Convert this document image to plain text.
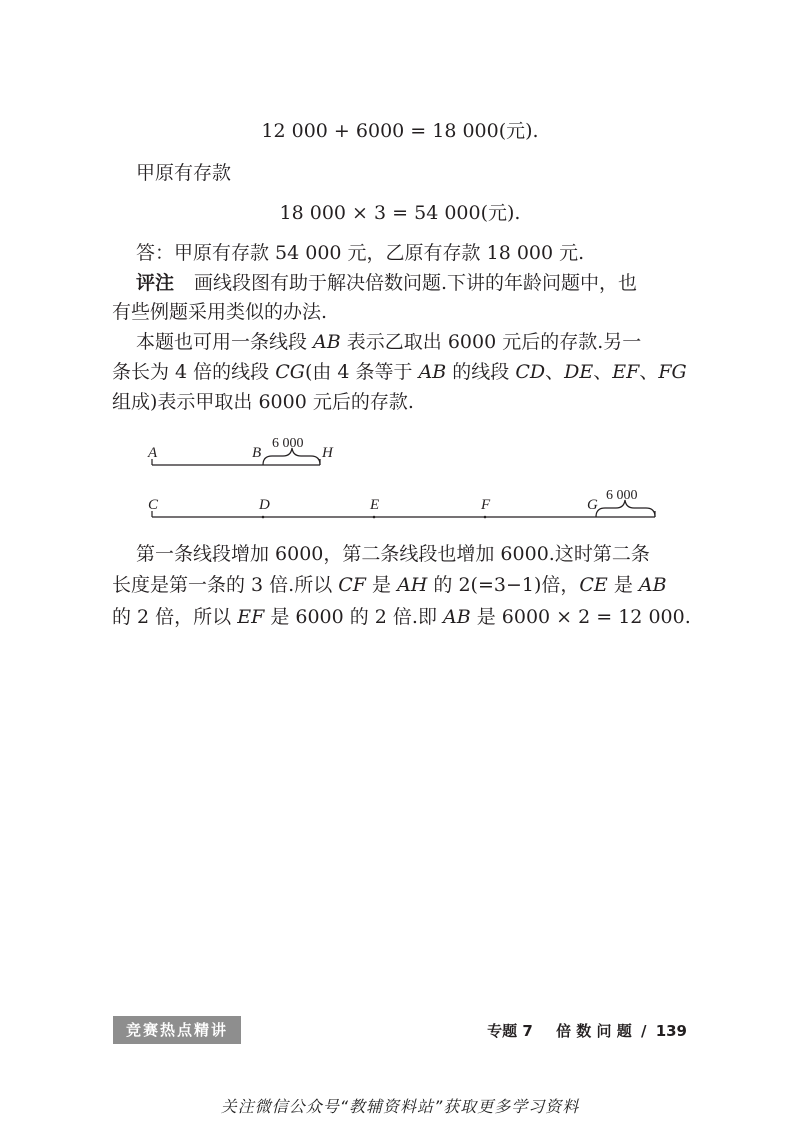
12 000 + 6000 = 18 000(元).
甲原有存款
18 000 × 3 = 54 000(元).
答：甲原有存款 54 000 元，乙原有存款 18 000 元.
评注 画线段图有助于解决倍数问题.下讲的年龄问题中，也
有些例题采用类似的办法.
本题也可用一条线段 AB 表示乙取出 6000 元后的存款.另一
条长为 4 倍的线段 CG(由 4 条等于 AB 的线段 CD、DE、EF、FG
组成)表示甲取出 6000 元后的存款.
A	B	H
6 000
C	D	E	F	G
6 000
第一条线段增加 6000，第二条线段也增加 6000.这时第二条
长度是第一条的 3 倍.所以 CF 是 AH 的 2(=3−1)倍，CE 是 AB
的 2 倍，所以 EF 是 6000 的 2 倍.即 AB 是 6000 × 2 = 12 000.
竞赛热点精讲	专题 7 倍 数 问 题 / 139
关注微信公众号“教辅资料站”获取更多学习资料
